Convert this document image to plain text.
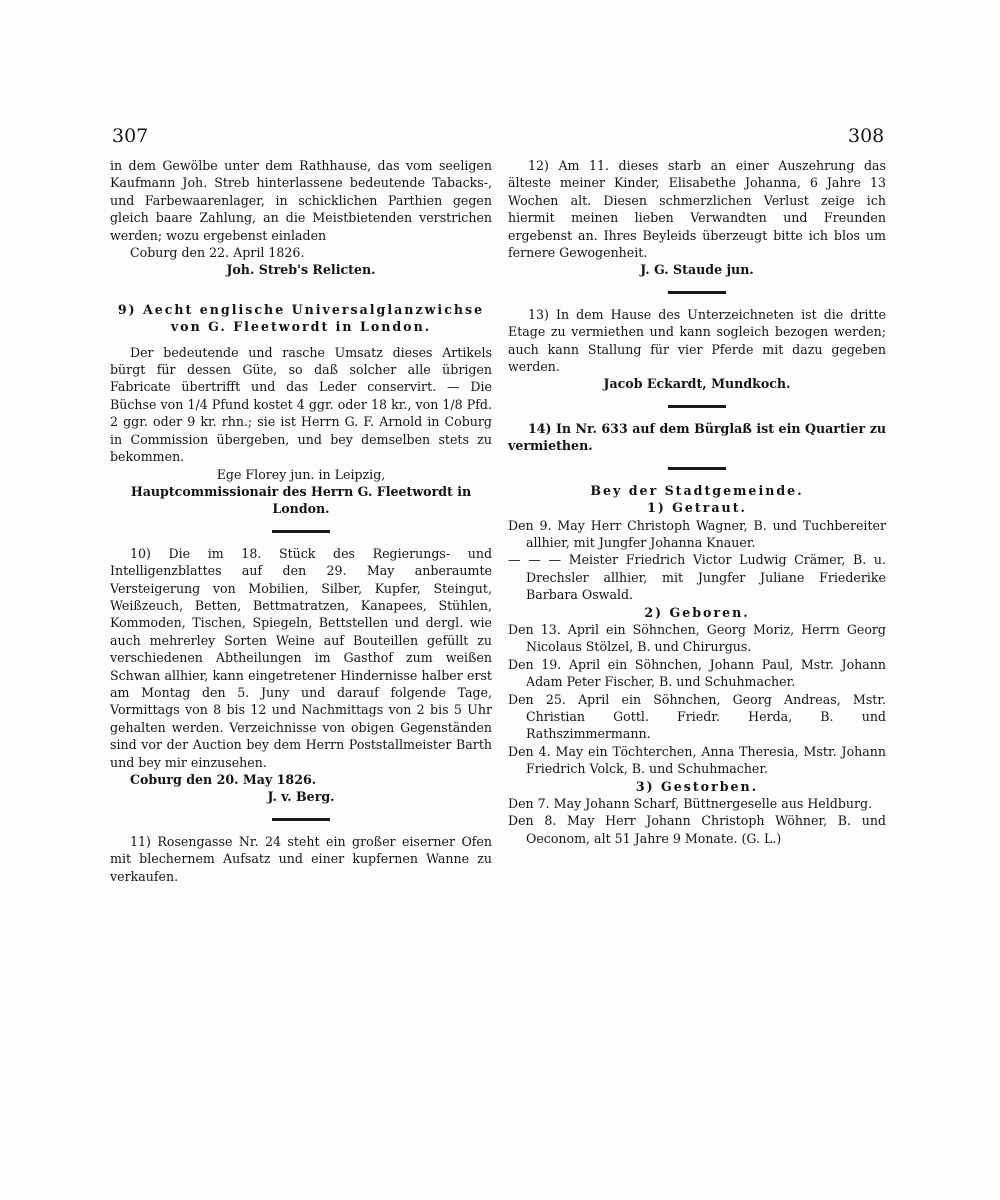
307	308

in dem Gewölbe unter dem Rathhause, das vom seeligen Kaufmann Joh. Streb hinterlassene bedeutende Tabacks-, und Farbewaarenlager, in schicklichen Parthien gegen gleich baare Zahlung, an die Meistbietenden verstrichen werden; wozu ergebenst einladen

Coburg den 22. April 1826.

Joh. Streb's Relicten.

9) Aecht englische Universalglanzwichse von G. Fleetwordt in London.

Der bedeutende und rasche Umsatz dieses Artikels bürgt für dessen Güte, so daß solcher alle übrigen Fabricate übertrifft und das Leder conservirt. — Die Büchse von 1/4 Pfund kostet 4 ggr. oder 18 kr., von 1/8 Pfd. 2 ggr. oder 9 kr. rhn.; sie ist Herrn G. F. Arnold in Coburg in Commission übergeben, und bey demselben stets zu bekommen.

Ege Florey jun. in Leipzig,

Hauptcommissionair des Herrn G. Fleetwordt in London.

10) Die im 18. Stück des Regierungs- und Intelligenzblattes auf den 29. May anberaumte Versteigerung von Mobilien, Silber, Kupfer, Steingut, Weißzeuch, Betten, Bettmatratzen, Kanapees, Stühlen, Kommoden, Tischen, Spiegeln, Bettstellen und dergl. wie auch mehrerley Sorten Weine auf Bouteillen gefüllt zu verschiedenen Abtheilungen im Gasthof zum weißen Schwan allhier, kann eingetretener Hindernisse halber erst am Montag den 5. Juny und darauf folgende Tage, Vormittags von 8 bis 12 und Nachmittags von 2 bis 5 Uhr gehalten werden. Verzeichnisse von obigen Gegenständen sind vor der Auction bey dem Herrn Poststallmeister Barth und bey mir einzusehen.

Coburg den 20. May 1826.

J. v. Berg.

11) Rosengasse Nr. 24 steht ein großer eiserner Ofen mit blechernem Aufsatz und einer kupfernen Wanne zu verkaufen.

12) Am 11. dieses starb an einer Auszehrung das älteste meiner Kinder, Elisabethe Johanna, 6 Jahre 13 Wochen alt. Diesen schmerzlichen Verlust zeige ich hiermit meinen lieben Verwandten und Freunden ergebenst an. Ihres Beyleids überzeugt bitte ich blos um fernere Gewogenheit.

J. G. Staude jun.

13) In dem Hause des Unterzeichneten ist die dritte Etage zu vermiethen und kann sogleich bezogen werden; auch kann Stallung für vier Pferde mit dazu gegeben werden.

Jacob Eckardt, Mundkoch.

14) In Nr. 633 auf dem Bürglaß ist ein Quartier zu vermiethen.

Bey der Stadtgemeinde.

1) Getraut.

Den 9. May Herr Christoph Wagner, B. und Tuchbereiter allhier, mit Jungfer Johanna Knauer.

— — — Meister Friedrich Victor Ludwig Crämer, B. u. Drechsler allhier, mit Jungfer Juliane Friederike Barbara Oswald.

2) Geboren.

Den 13. April ein Söhnchen, Georg Moriz, Herrn Georg Nicolaus Stölzel, B. und Chirurgus.

Den 19. April ein Söhnchen, Johann Paul, Mstr. Johann Adam Peter Fischer, B. und Schuhmacher.

Den 25. April ein Söhnchen, Georg Andreas, Mstr. Christian Gottl. Friedr. Herda, B. und Rathszimmermann.

Den 4. May ein Töchterchen, Anna Theresia, Mstr. Johann Friedrich Volck, B. und Schuhmacher.

3) Gestorben.

Den 7. May Johann Scharf, Büttnergeselle aus Heldburg.

Den 8. May Herr Johann Christoph Wöhner, B. und Oeconom, alt 51 Jahre 9 Monate. (G. L.)
